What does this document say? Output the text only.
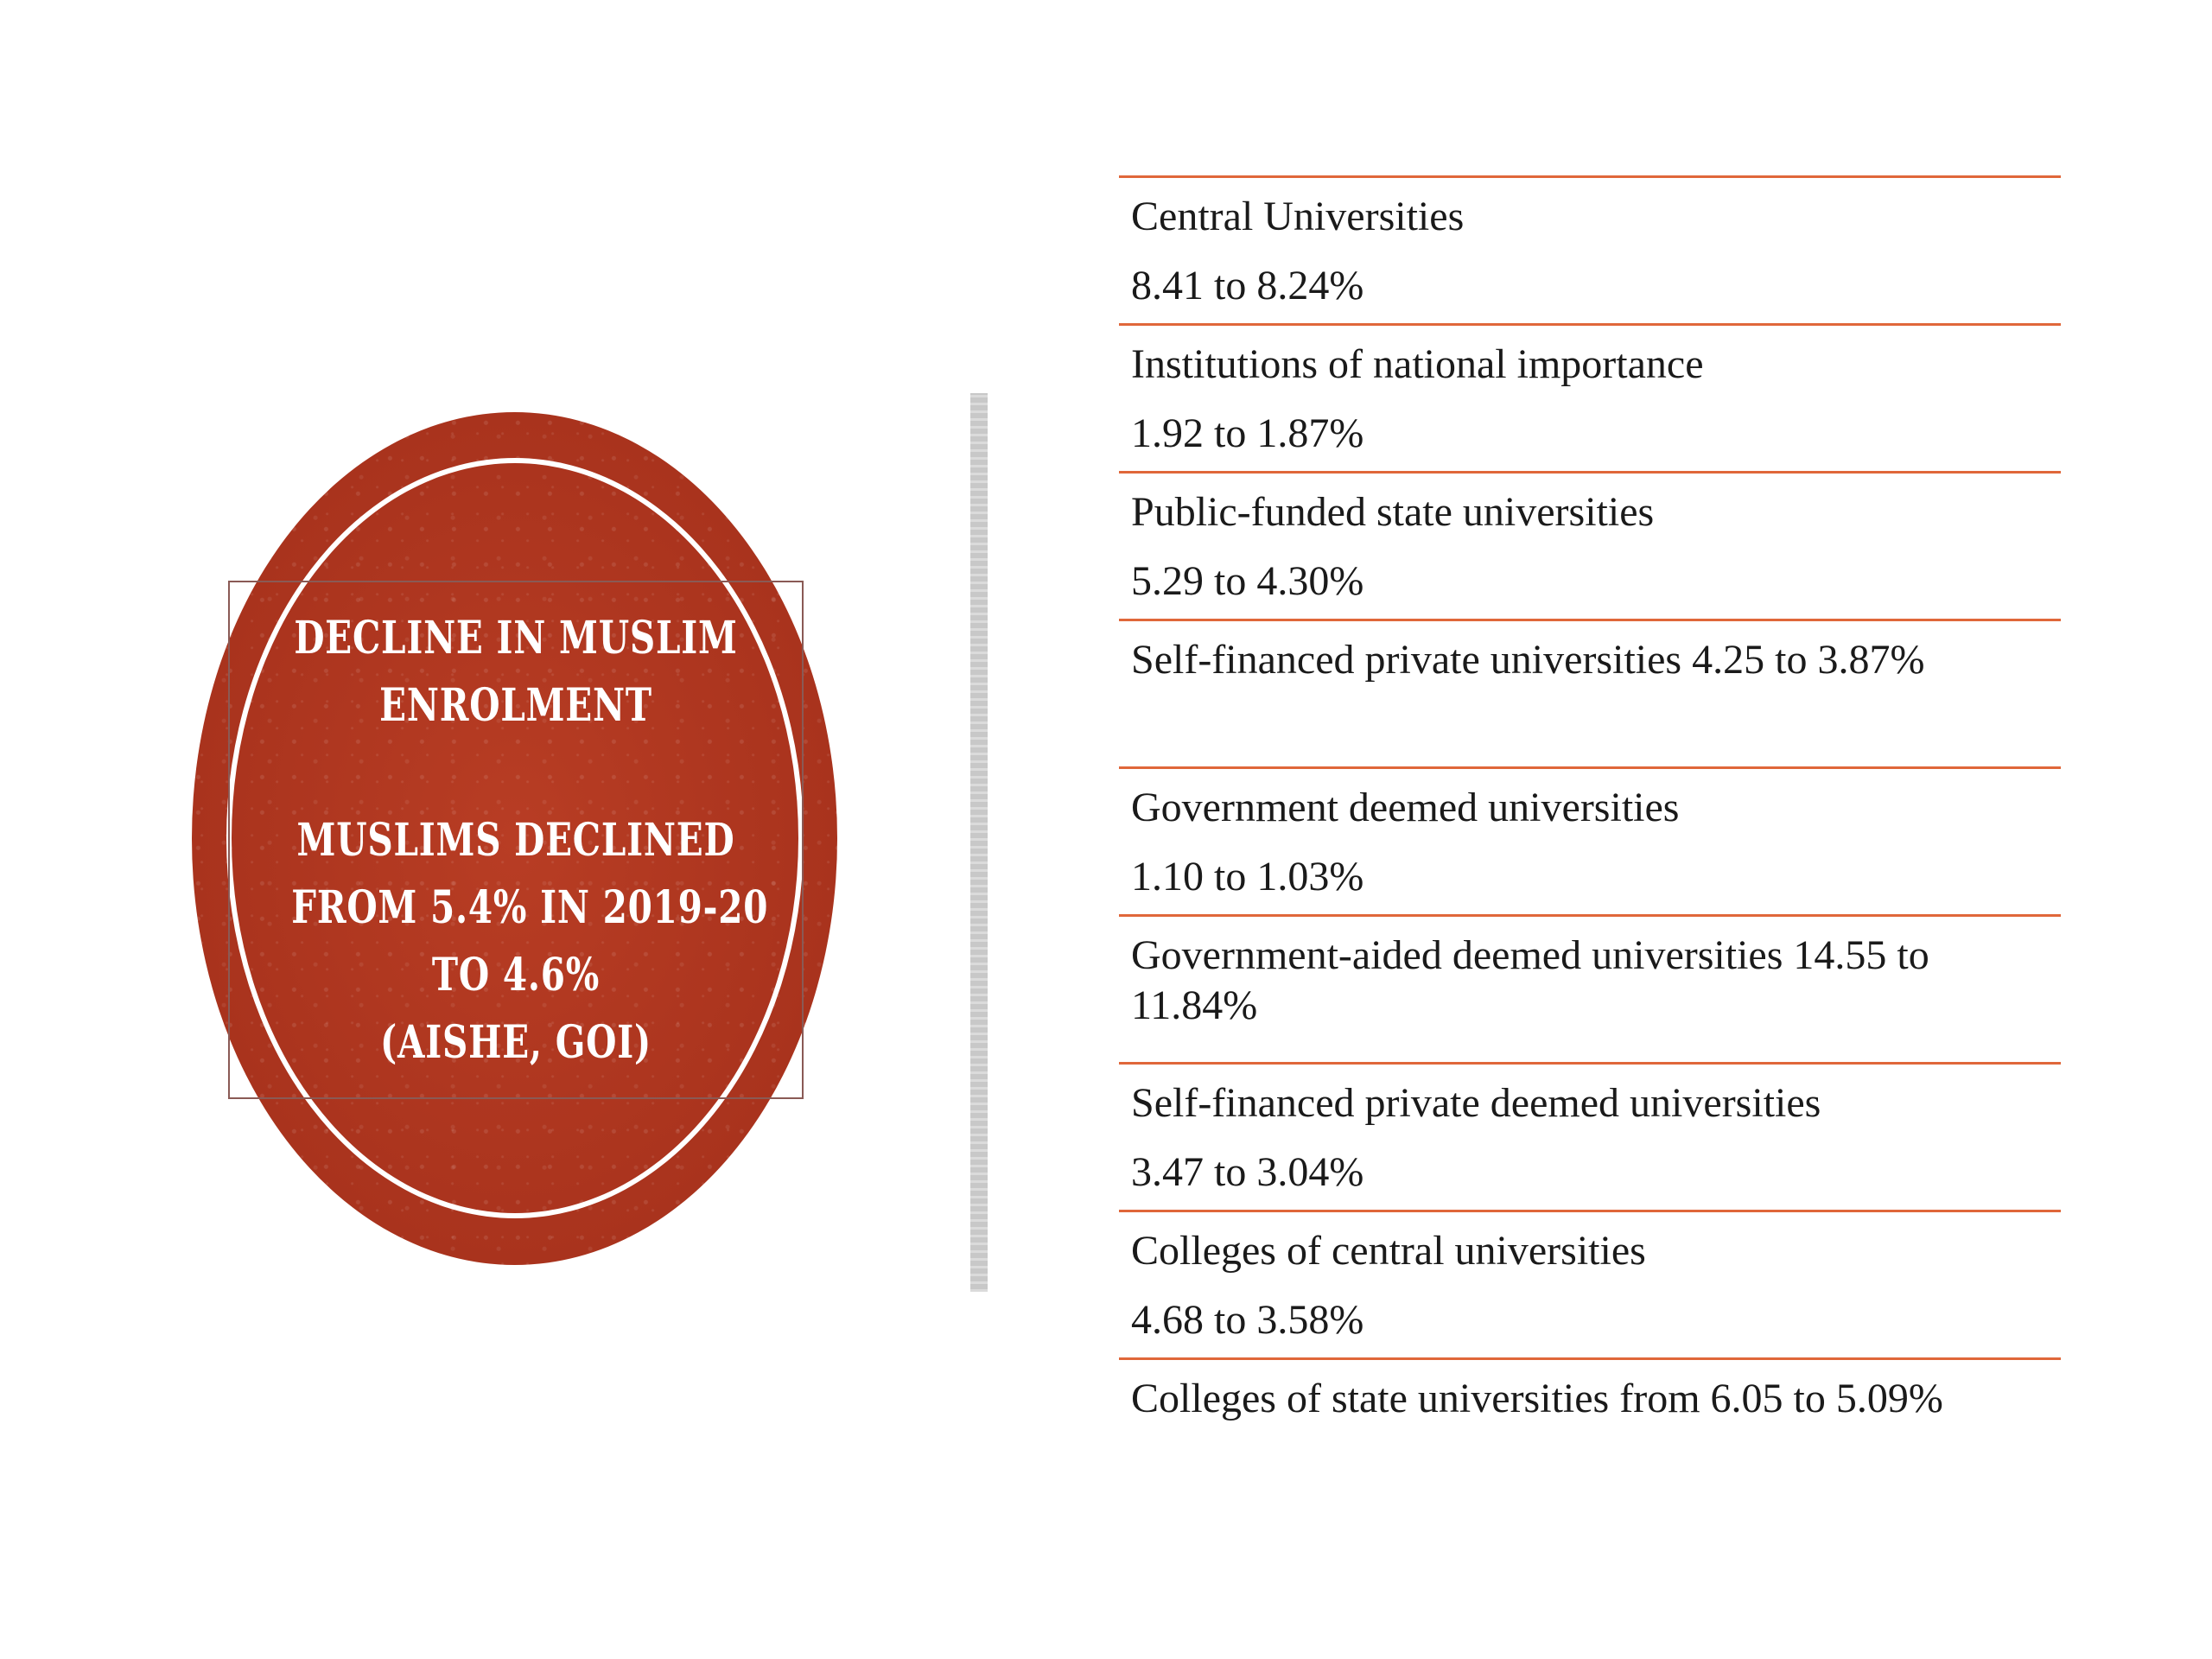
DECLINE IN MUSLIM
ENROLMENT
MUSLIMS DECLINED
FROM 5.4% IN 2019-20
TO 4.6%
(AISHE, GOI)
Central Universities
8.41 to 8.24%
Institutions of national importance
1.92 to 1.87%
Public-funded state universities
5.29 to 4.30%
Self-financed private universities 4.25 to 3.87%
Government deemed universities
1.10 to 1.03%
Government-aided deemed universities 14.55 to 11.84%
Self-financed private deemed universities
3.47 to 3.04%
Colleges of central universities
4.68 to 3.58%
Colleges of state universities from 6.05 to 5.09%
